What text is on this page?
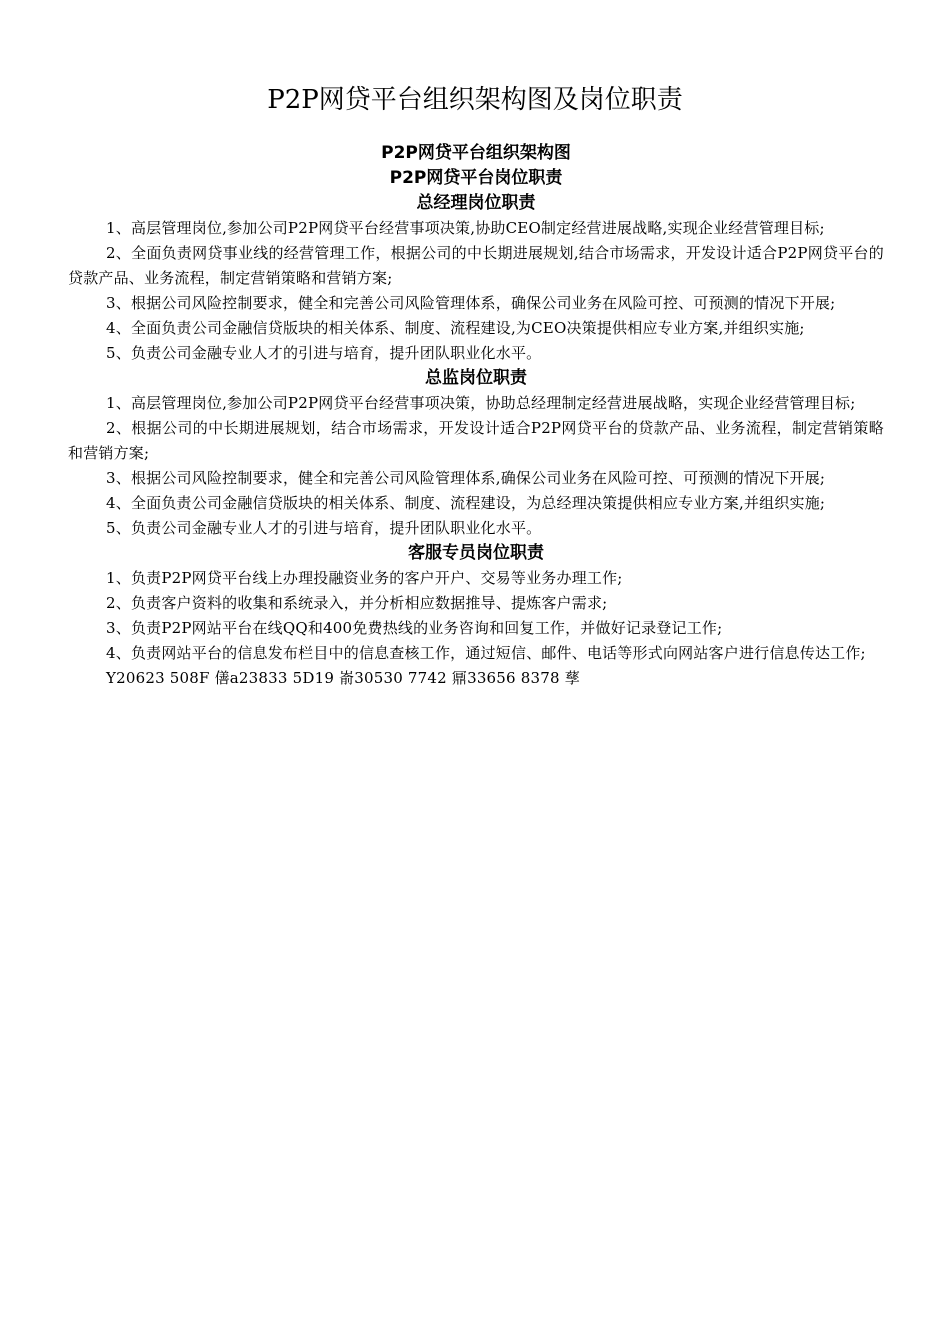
P2P网贷平台组织架构图及岗位职责

P2P网贷平台组织架构图

P2P网贷平台岗位职责

总经理岗位职责

1、高层管理岗位,参加公司P2P网贷平台经营事项决策,协助CEO制定经营进展战略,实现企业经营管理目标;

2、全面负责网贷事业线的经营管理工作，根据公司的中长期进展规划,结合市场需求，开发设计适合P2P网贷平台的贷款产品、业务流程，制定营销策略和营销方案;

3、根据公司风险控制要求，健全和完善公司风险管理体系，确保公司业务在风险可控、可预测的情况下开展;

4、全面负责公司金融信贷版块的相关体系、制度、流程建设,为CEO决策提供相应专业方案,并组织实施;

5、负责公司金融专业人才的引进与培育，提升团队职业化水平。

总监岗位职责

1、高层管理岗位,参加公司P2P网贷平台经营事项决策，协助总经理制定经营进展战略，实现企业经营管理目标;

2、根据公司的中长期进展规划，结合市场需求，开发设计适合P2P网贷平台的贷款产品、业务流程，制定营销策略和营销方案;

3、根据公司风险控制要求，健全和完善公司风险管理体系,确保公司业务在风险可控、可预测的情况下开展;

4、全面负责公司金融信贷版块的相关体系、制度、流程建设，为总经理决策提供相应专业方案,并组织实施;

5、负责公司金融专业人才的引进与培育，提升团队职业化水平。

客服专员岗位职责

1、负责P2P网贷平台线上办理投融资业务的客户开户、交易等业务办理工作;

2、负责客户资料的收集和系统录入，并分析相应数据推导、提炼客户需求;

3、负责P2P网站平台在线QQ和400免费热线的业务咨询和回复工作，并做好记录登记工作;

4、负责网站平台的信息发布栏目中的信息查核工作，通过短信、邮件、电话等形式向网站客户进行信息传达工作;

Y20623 508F 僐a23833 5D19 嵛30530 7742 鼏33656 8378 孶
